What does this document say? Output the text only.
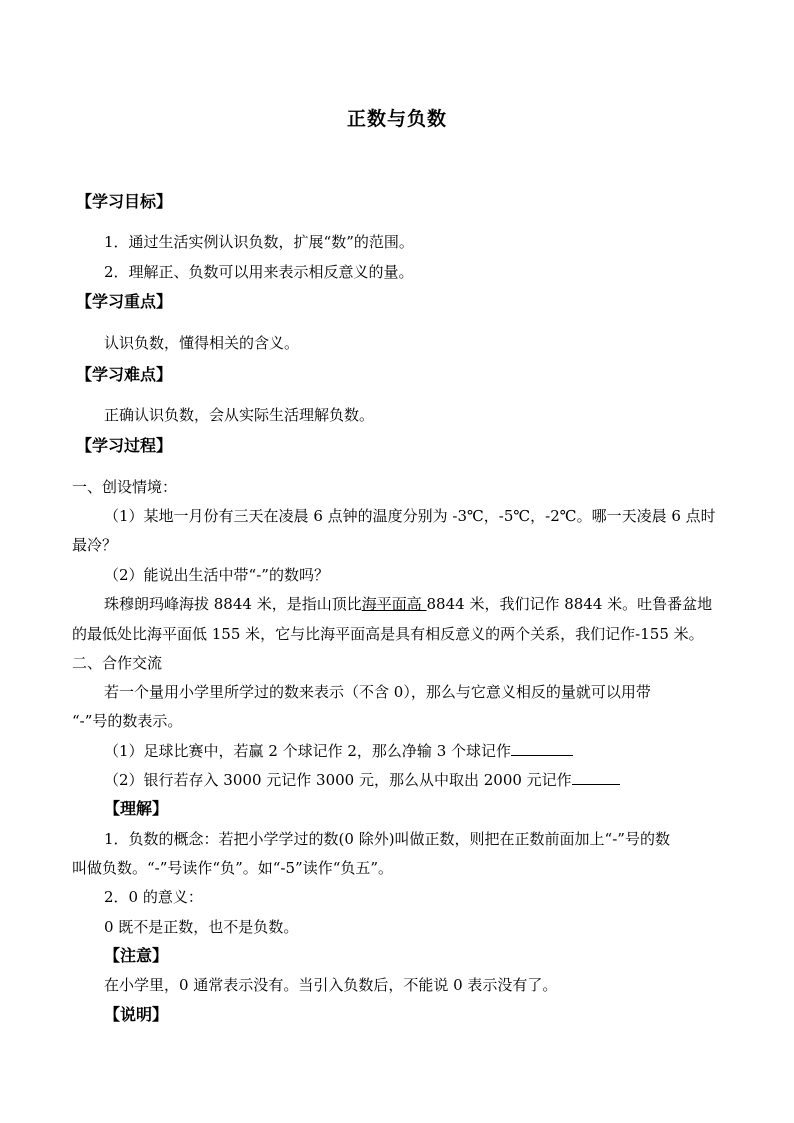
正数与负数
【学习目标】
1．通过生活实例认识负数，扩展“数”的范围。
2．理解正、负数可以用来表示相反意义的量。
【学习重点】
认识负数，懂得相关的含义。
【学习难点】
正确认识负数，会从实际生活理解负数。
【学习过程】
一、创设情境：
（1）某地一月份有三天在凌晨 6 点钟的温度分别为 -3℃，-5℃，-2℃。哪一天凌晨 6 点时
最冷？
（2）能说出生活中带“-”的数吗？
珠穆朗玛峰海拔 8844 米，是指山顶比海平面高 8844 米，我们记作 8844 米。吐鲁番盆地
的最低处比海平面低 155 米，它与比海平面高是具有相反意义的两个关系，我们记作-155 米。
二、合作交流
若一个量用小学里所学过的数来表示（不含 0），那么与它意义相反的量就可以用带
“-”号的数表示。
（1）足球比赛中，若赢 2 个球记作 2，那么净输 3 个球记作
（2）银行若存入 3000 元记作 3000 元，那么从中取出 2000 元记作
【理解】
1．负数的概念：若把小学学过的数(0 除外)叫做正数，则把在正数前面加上“-”号的数
叫做负数。“-”号读作“负”。如“-5”读作“负五”。
2．0 的意义：
0 既不是正数，也不是负数。
【注意】
在小学里，0 通常表示没有。当引入负数后，不能说 0 表示没有了。
【说明】
